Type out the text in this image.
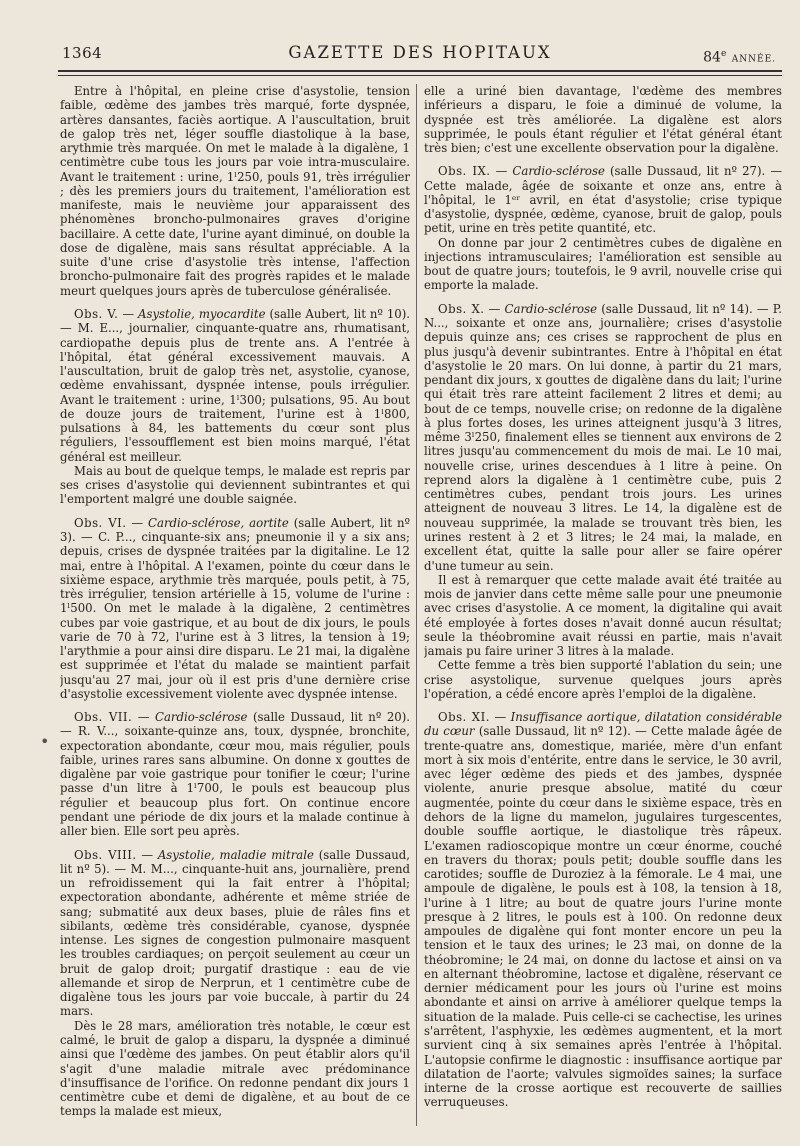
1364	GAZETTE DES HOPITAUX	84e ANNÉE.

Entre à l'hôpital, en pleine crise d'asystolie, tension faible, œdème des jambes très marqué, forte dyspnée, artères dansantes, faciès aortique. A l'auscultation, bruit de galop très net, léger souffle diastolique à la base, arythmie très marquée. On met le malade à la digalène, 1 centimètre cube tous les jours par voie intra-musculaire. Avant le traitement : urine, 1ˡ250, pouls 91, très irrégulier ; dès les premiers jours du traitement, l'amélioration est manifeste, mais le neuvième jour apparaissent des phénomènes broncho-pulmonaires graves d'origine bacillaire. A cette date, l'urine ayant diminué, on double la dose de digalène, mais sans résultat appréciable. A la suite d'une crise d'asystolie très intense, l'affection broncho-pulmonaire fait des progrès rapides et le malade meurt quelques jours après de tuberculose généralisée.

Obs. V. — Asystolie, myocardite (salle Aubert, lit nº 10). — M. E..., journalier, cinquante-quatre ans, rhumatisant, cardiopathe depuis plus de trente ans. A l'entrée à l'hôpital, état général excessivement mauvais. A l'auscultation, bruit de galop très net, asystolie, cyanose, œdème envahissant, dyspnée intense, pouls irrégulier. Avant le traitement : urine, 1ˡ300; pulsations, 95. Au bout de douze jours de traitement, l'urine est à 1ˡ800, pulsations à 84, les battements du cœur sont plus réguliers, l'essoufflement est bien moins marqué, l'état général est meilleur.

Mais au bout de quelque temps, le malade est repris par ses crises d'asystolie qui deviennent subintrantes et qui l'emportent malgré une double saignée.

Obs. VI. — Cardio-sclérose, aortite (salle Aubert, lit nº 3). — C. P..., cinquante-six ans; pneumonie il y a six ans; depuis, crises de dyspnée traitées par la digitaline. Le 12 mai, entre à l'hôpital. A l'examen, pointe du cœur dans le sixième espace, arythmie très marquée, pouls petit, à 75, très irrégulier, tension artérielle à 15, volume de l'urine : 1ˡ500. On met le malade à la digalène, 2 centimètres cubes par voie gastrique, et au bout de dix jours, le pouls varie de 70 à 72, l'urine est à 3 litres, la tension à 19; l'arythmie a pour ainsi dire disparu. Le 21 mai, la digalène est supprimée et l'état du malade se maintient parfait jusqu'au 27 mai, jour où il est pris d'une dernière crise d'asystolie excessivement violente avec dyspnée intense.

Obs. VII. — Cardio-sclérose (salle Dussaud, lit nº 20). — R. V..., soixante-quinze ans, toux, dyspnée, bronchite, expectoration abondante, cœur mou, mais régulier, pouls faible, urines rares sans albumine. On donne x gouttes de digalène par voie gastrique pour tonifier le cœur; l'urine passe d'un litre à 1ˡ700, le pouls est beaucoup plus régulier et beaucoup plus fort. On continue encore pendant une période de dix jours et la malade continue à aller bien. Elle sort peu après.

Obs. VIII. — Asystolie, maladie mitrale (salle Dussaud, lit nº 5). — M. M..., cinquante-huit ans, journalière, prend un refroidissement qui la fait entrer à l'hôpital; expectoration abondante, adhérente et même striée de sang; submatité aux deux bases, pluie de râles fins et sibilants, œdème très considérable, cyanose, dyspnée intense. Les signes de congestion pulmonaire masquent les troubles cardiaques; on perçoit seulement au cœur un bruit de galop droit; purgatif drastique : eau de vie allemande et sirop de Nerprun, et 1 centimètre cube de digalène tous les jours par voie buccale, à partir du 24 mars.

Dès le 28 mars, amélioration très notable, le cœur est calmé, le bruit de galop a disparu, la dyspnée a diminué ainsi que l'œdème des jambes. On peut établir alors qu'il s'agit d'une maladie mitrale avec prédominance d'insuffisance de l'orifice. On redonne pendant dix jours 1 centimètre cube et demi de digalène, et au bout de ce temps la malade est mieux,

elle a uriné bien davantage, l'œdème des membres inférieurs a disparu, le foie a diminué de volume, la dyspnée est très améliorée. La digalène est alors supprimée, le pouls étant régulier et l'état général étant très bien; c'est une excellente observation pour la digalène.

Obs. IX. — Cardio-sclérose (salle Dussaud, lit nº 27). — Cette malade, âgée de soixante et onze ans, entre à l'hôpital, le 1ᵉʳ avril, en état d'asystolie; crise typique d'asystolie, dyspnée, œdème, cyanose, bruit de galop, pouls petit, urine en très petite quantité, etc.

On donne par jour 2 centimètres cubes de digalène en injections intramusculaires; l'amélioration est sensible au bout de quatre jours; toutefois, le 9 avril, nouvelle crise qui emporte la malade.

Obs. X. — Cardio-sclérose (salle Dussaud, lit nº 14). — P. N..., soixante et onze ans, journalière; crises d'asystolie depuis quinze ans; ces crises se rapprochent de plus en plus jusqu'à devenir subintrantes. Entre à l'hôpital en état d'asystolie le 20 mars. On lui donne, à partir du 21 mars, pendant dix jours, x gouttes de digalène dans du lait; l'urine qui était très rare atteint facilement 2 litres et demi; au bout de ce temps, nouvelle crise; on redonne de la digalène à plus fortes doses, les urines atteignent jusqu'à 3 litres, même 3ˡ250, finalement elles se tiennent aux environs de 2 litres jusqu'au commencement du mois de mai. Le 10 mai, nouvelle crise, urines descendues à 1 litre à peine. On reprend alors la digalène à 1 centimètre cube, puis 2 centimètres cubes, pendant trois jours. Les urines atteignent de nouveau 3 litres. Le 14, la digalène est de nouveau supprimée, la malade se trouvant très bien, les urines restent à 2 et 3 litres; le 24 mai, la malade, en excellent état, quitte la salle pour aller se faire opérer d'une tumeur au sein.

Il est à remarquer que cette malade avait été traitée au mois de janvier dans cette même salle pour une pneumonie avec crises d'asystolie. A ce moment, la digitaline qui avait été employée à fortes doses n'avait donné aucun résultat; seule la théobromine avait réussi en partie, mais n'avait jamais pu faire uriner 3 litres à la malade.

Cette femme a très bien supporté l'ablation du sein; une crise asystolique, survenue quelques jours après l'opération, a cédé encore après l'emploi de la digalène.

Obs. XI. — Insuffisance aortique, dilatation considérable du cœur (salle Dussaud, lit nº 12). — Cette malade âgée de trente-quatre ans, domestique, mariée, mère d'un enfant mort à six mois d'entérite, entre dans le service, le 30 avril, avec léger œdème des pieds et des jambes, dyspnée violente, anurie presque absolue, matité du cœur augmentée, pointe du cœur dans le sixième espace, très en dehors de la ligne du mamelon, jugulaires turgescentes, double souffle aortique, le diastolique très râpeux. L'examen radioscopique montre un cœur énorme, couché en travers du thorax; pouls petit; double souffle dans les carotides; souffle de Duroziez à la fémorale. Le 4 mai, une ampoule de digalène, le pouls est à 108, la tension à 18, l'urine à 1 litre; au bout de quatre jours l'urine monte presque à 2 litres, le pouls est à 100. On redonne deux ampoules de digalène qui font monter encore un peu la tension et le taux des urines; le 23 mai, on donne de la théobromine; le 24 mai, on donne du lactose et ainsi on va en alternant théobromine, lactose et digalène, réservant ce dernier médicament pour les jours où l'urine est moins abondante et ainsi on arrive à améliorer quelque temps la situation de la malade. Puis celle-ci se cachectise, les urines s'arrêtent, l'asphyxie, les œdèmes augmentent, et la mort survient cinq à six semaines après l'entrée à l'hôpital. L'autopsie confirme le diagnostic : insuffisance aortique par dilatation de l'aorte; valvules sigmoïdes saines; la surface interne de la crosse aortique est recouverte de saillies verruqueuses.

•
